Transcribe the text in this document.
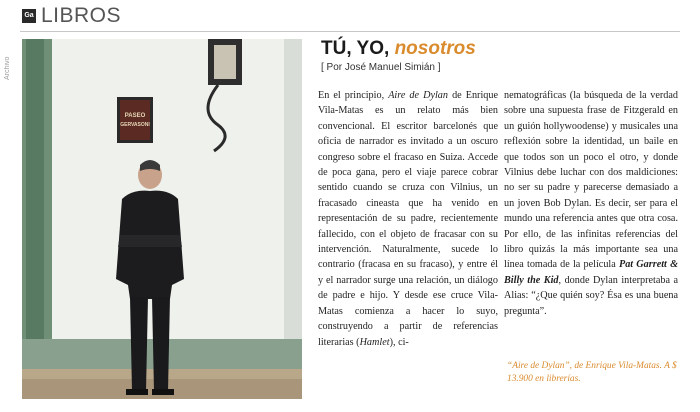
Ga LIBROS
Archivo
PASEO
GERVASONI
TÚ, YO, nosotros
[ Por José Manuel Simián ]

En el principio, Aire de Dylan de Enrique Vila-Matas es un relato más bien convencional. El escritor barcelonés que oficia de narrador es invitado a un oscuro congreso sobre el fracaso en Suiza. Accede de poca gana, pero el viaje parece cobrar sentido cuando se cruza con Vilnius, un fracasado cineasta que ha venido en representación de su padre, recientemente fallecido, con el objeto de fracasar con su intervención. Naturalmente, sucede lo contrario (fracasa en su fracaso), y entre él y el narrador surge una relación, un diálogo de padre e hijo. Y desde ese cruce Vila-Matas comienza a hacer lo suyo, construyendo a partir de referencias literarias (Hamlet), ci-

nematográficas (la búsqueda de la verdad sobre una supuesta frase de Fitzgerald en un guión hollywoodense) y musicales una reflexión sobre la identidad, un baile en que todos son un poco el otro, y donde Vilnius debe luchar con dos maldiciones: no ser su padre y parecerse demasiado a un joven Bob Dylan. Es decir, ser para el mundo una referencia antes que otra cosa. Por ello, de las infinitas referencias del libro quizás la más importante sea una línea tomada de la película Pat Garrett & Billy the Kid, donde Dylan interpretaba a Alias: “¿Que quién soy? Ésa es una buena pregunta”.

“Aire de Dylan”, de Enrique Vila-Matas. A $ 13.900 en librerías.
